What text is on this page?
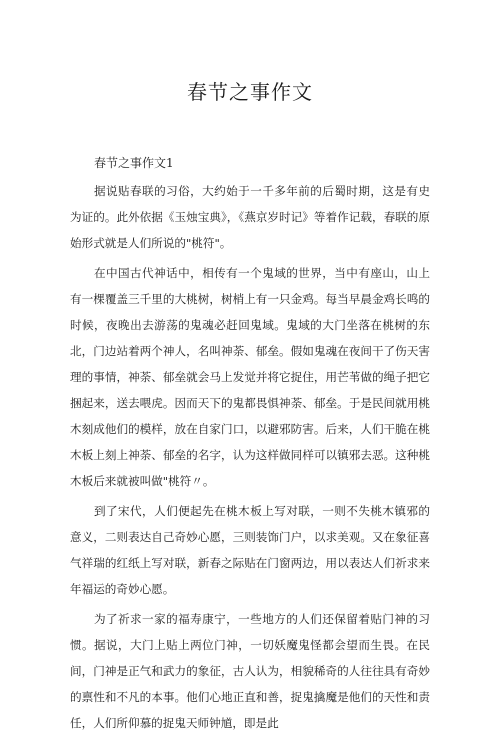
春节之事作文

春节之事作文1

据说贴春联的习俗，大约始于一千多年前的后蜀时期，这是有史为证的。此外依据《玉烛宝典》，《燕京岁时记》等着作记载，春联的原始形式就是人们所说的"桃符"。

在中国古代神话中，相传有一个鬼域的世界，当中有座山，山上有一棵覆盖三千里的大桃树，树梢上有一只金鸡。每当早晨金鸡长鸣的时候，夜晚出去游荡的鬼魂必赶回鬼域。鬼域的大门坐落在桃树的东北，门边站着两个神人，名叫神荼、郁垒。假如鬼魂在夜间干了伤天害理的事情，神荼、郁垒就会马上发觉并将它捉住，用芒苇做的绳子把它捆起来，送去喂虎。因而天下的鬼都畏惧神荼、郁垒。于是民间就用桃木刻成他们的模样，放在自家门口，以避邪防害。后来，人们干脆在桃木板上刻上神荼、郁垒的名字，认为这样做同样可以镇邪去恶。这种桃木板后来就被叫做"桃符〃。

到了宋代，人们便起先在桃木板上写对联，一则不失桃木镇邪的意义，二则表达自己奇妙心愿，三则装饰门户，以求美观。又在象征喜气祥瑞的红纸上写对联，新春之际贴在门窗两边，用以表达人们祈求来年福运的奇妙心愿。

为了祈求一家的福寿康宁，一些地方的人们还保留着贴门神的习惯。据说，大门上贴上两位门神，一切妖魔鬼怪都会望而生畏。在民间，门神是正气和武力的象征，古人认为，相貌稀奇的人往往具有奇妙的禀性和不凡的本事。他们心地正直和善，捉鬼擒魔是他们的天性和责任，人们所仰慕的捉鬼天师钟馗，即是此
